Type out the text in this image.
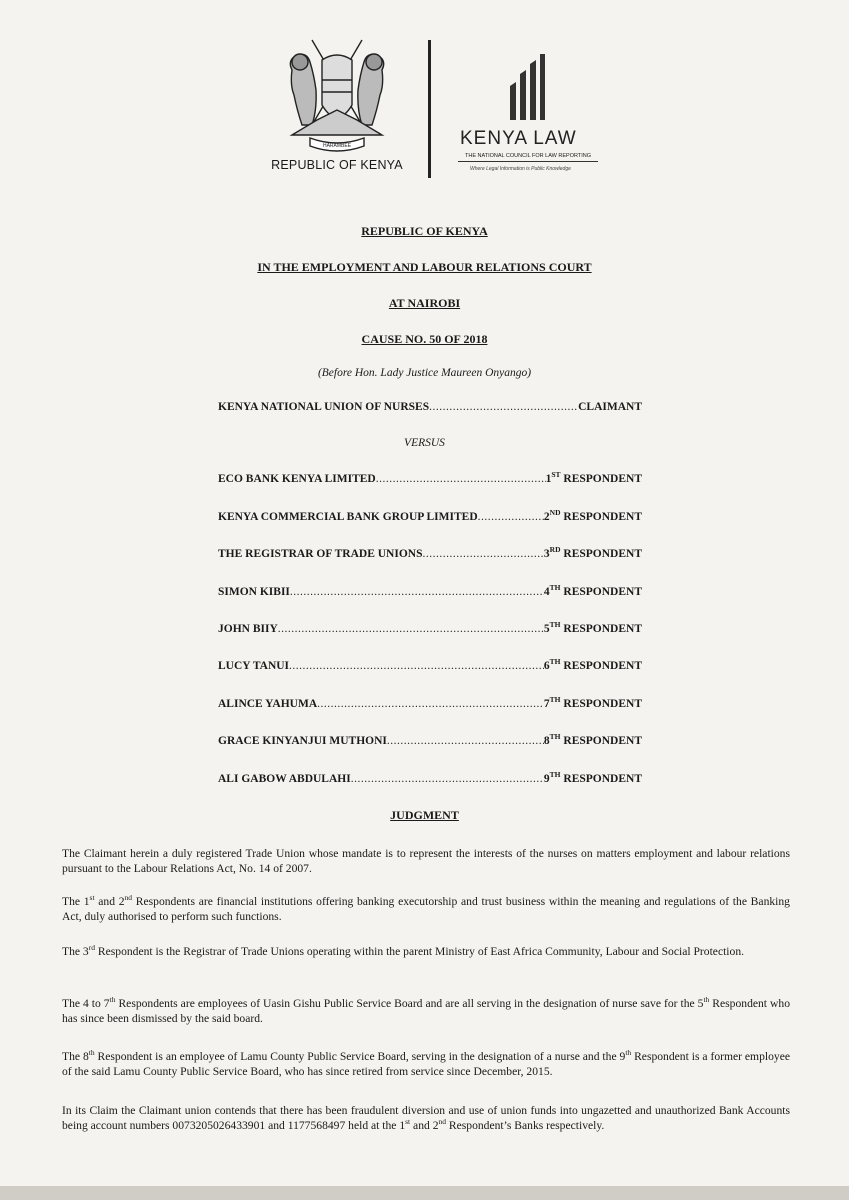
HARAMBEE
REPUBLIC OF KENYA
KENYA LAW
THE NATIONAL COUNCIL FOR LAW REPORTING
Where Legal Information is Public Knowledge
REPUBLIC OF KENYA
IN THE EMPLOYMENT AND LABOUR RELATIONS COURT
AT NAIROBI
CAUSE NO. 50 OF 2018
(Before Hon. Lady Justice Maureen Onyango)
KENYA NATIONAL UNION OF NURSES .....	CLAIMANT
VERSUS
ECO BANK KENYA LIMITED .....	1ST RESPONDENT
KENYA COMMERCIAL BANK GROUP LIMITED .....	2ND RESPONDENT
THE REGISTRAR OF TRADE UNIONS .....	3RD RESPONDENT
SIMON KIBII .....	4TH RESPONDENT
JOHN BIIY .....	5TH RESPONDENT
LUCY TANUI .....	6TH RESPONDENT
ALINCE YAHUMA .....	7TH RESPONDENT
GRACE KINYANJUI MUTHONI .....	8TH RESPONDENT
ALI GABOW ABDULAHI .....	9TH RESPONDENT
JUDGMENT
The Claimant herein a duly registered Trade Union whose mandate is to represent the interests of the nurses on matters employment and labour relations pursuant to the Labour Relations Act, No. 14 of 2007.
The 1st and 2nd Respondents are financial institutions offering banking executorship and trust business within the meaning and regulations of the Banking Act, duly authorised to perform such functions.
The 3rd Respondent is the Registrar of Trade Unions operating within the parent Ministry of East Africa Community, Labour and Social Protection.
The 4 to 7th Respondents are employees of Uasin Gishu Public Service Board and are all serving in the designation of nurse save for the 5th Respondent who has since been dismissed by the said board.
The 8th Respondent is an employee of Lamu County Public Service Board, serving in the designation of a nurse and the 9th Respondent is a former employee of the said Lamu County Public Service Board, who has since retired from service since December, 2015.
In its Claim the Claimant union contends that there has been fraudulent diversion and use of union funds into ungazetted and unauthorized Bank Accounts being account numbers 0073205026433901 and 1177568497 held at the 1st and 2nd Respondent’s Banks respectively.
